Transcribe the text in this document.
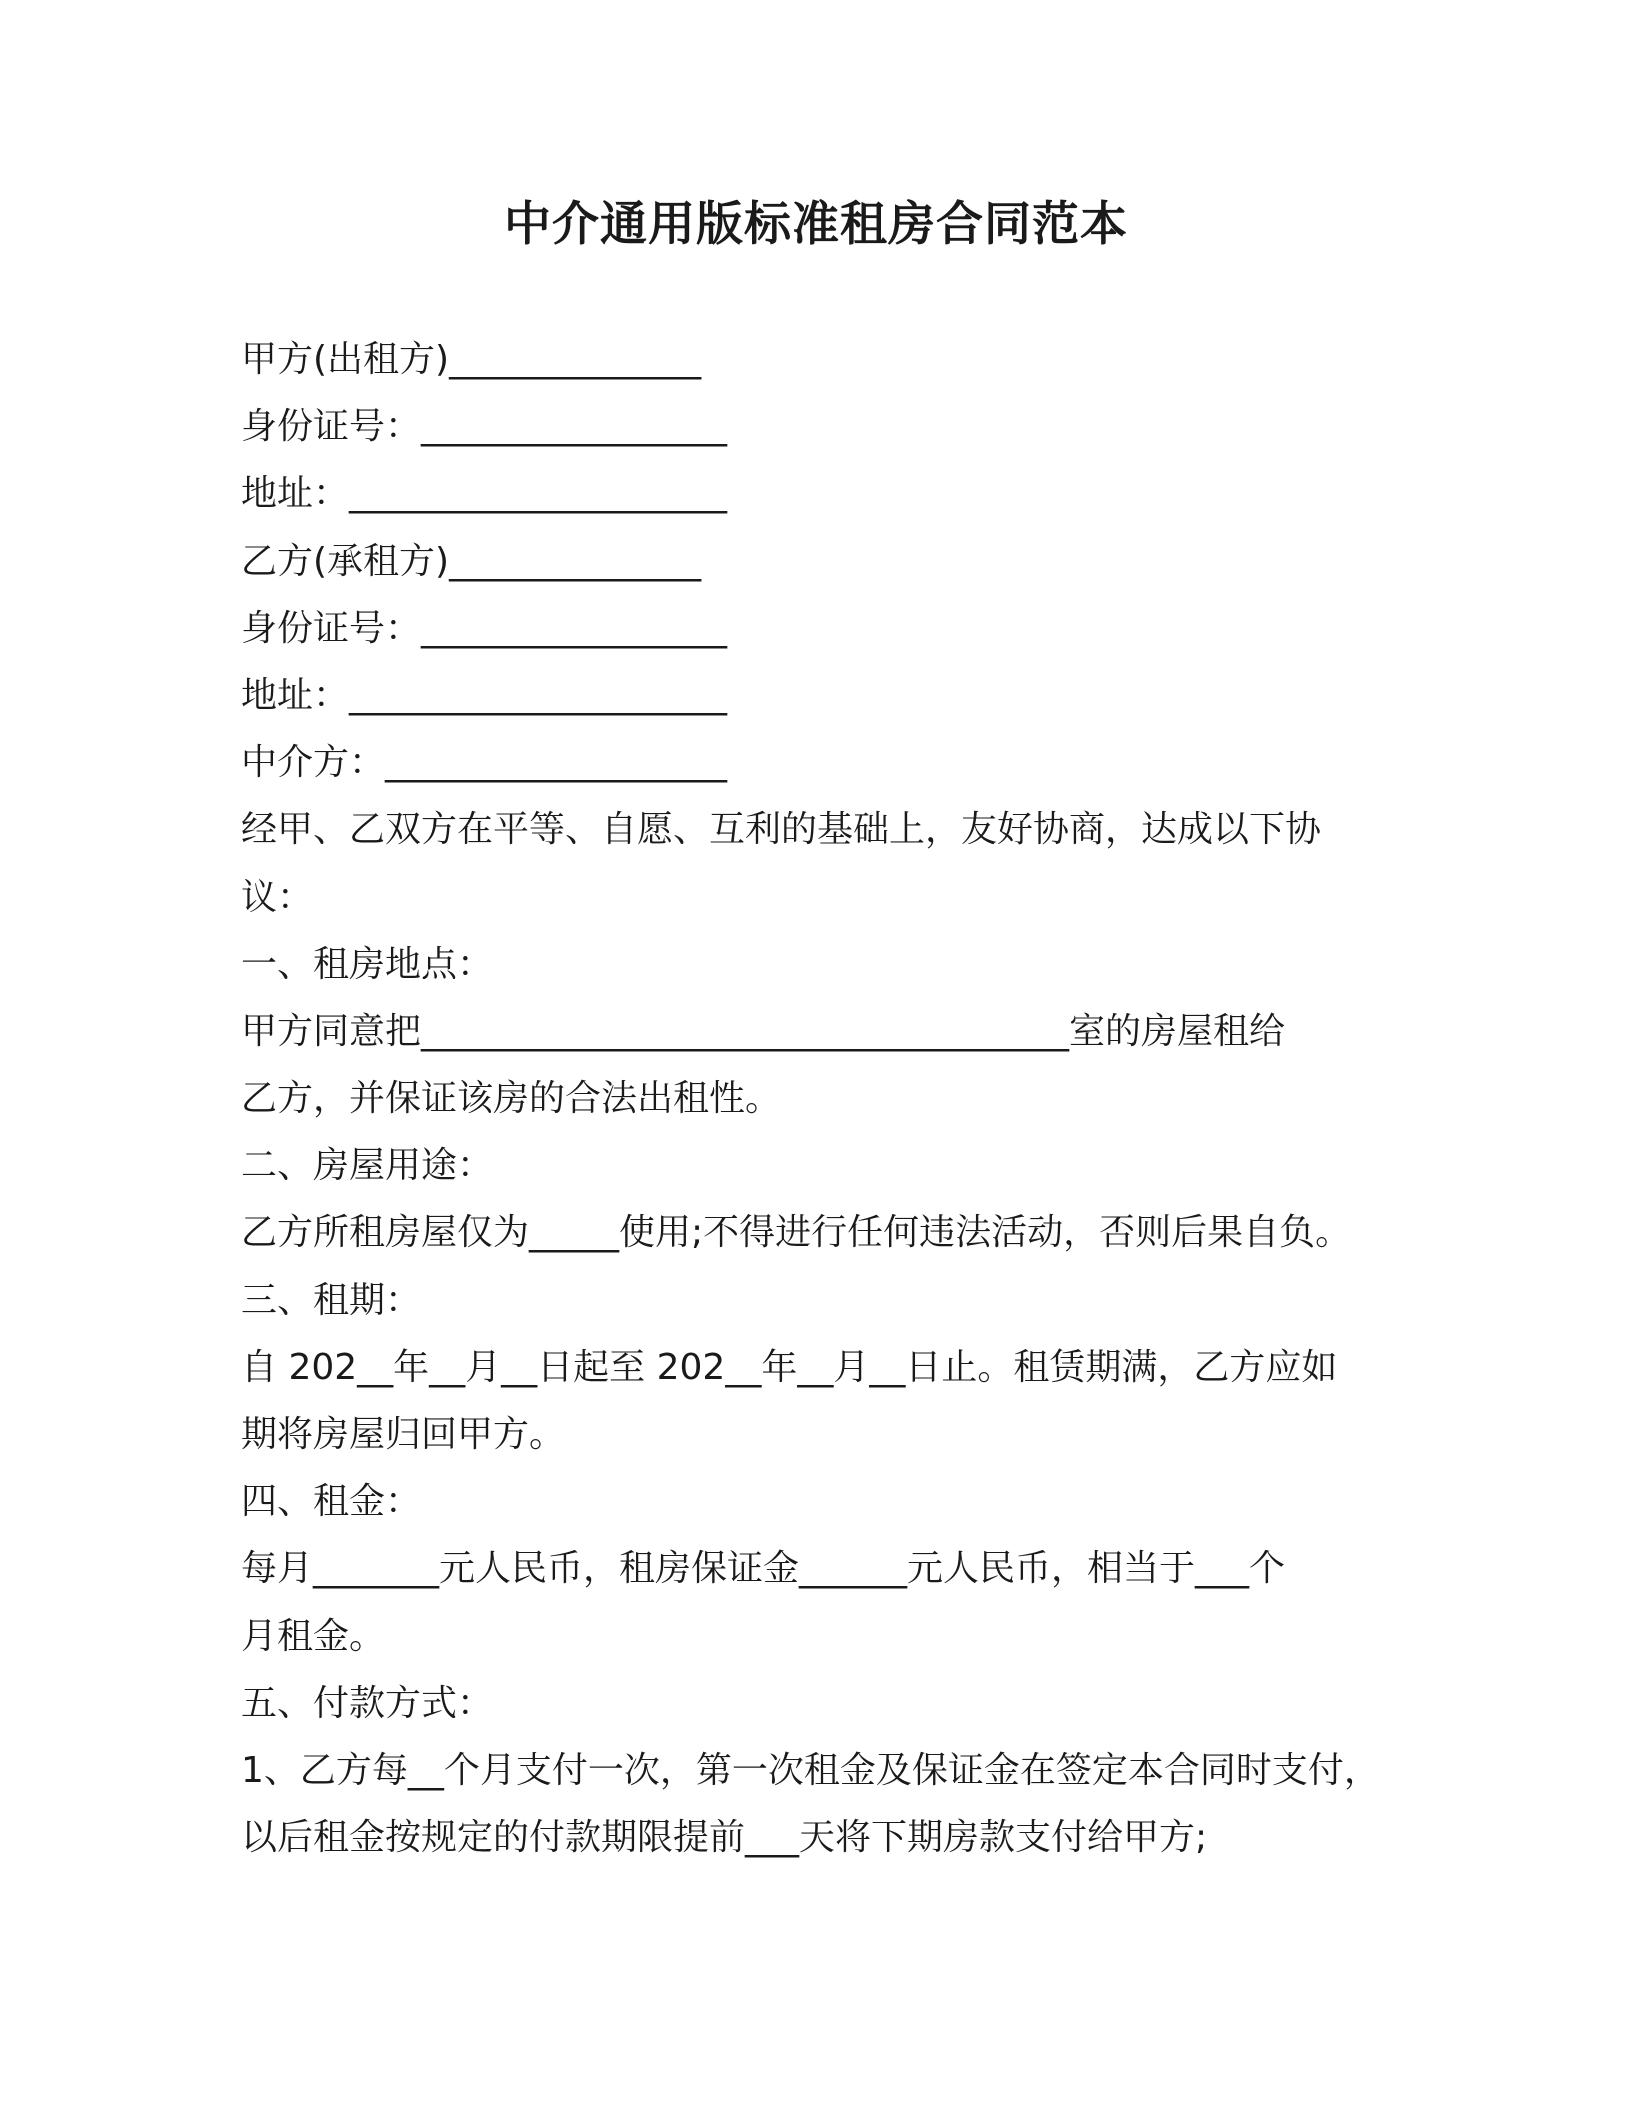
中介通用版标准租房合同范本

甲方(出租方)______________

身份证号：_________________

地址：_____________________

乙方(承租方)______________

身份证号：_________________

地址：_____________________

中介方：___________________

经甲、乙双方在平等、自愿、互利的基础上，友好协商，达成以下协

议：

一、租房地点：

甲方同意把____________________________________室的房屋租给

乙方，并保证该房的合法出租性。

二、房屋用途：

乙方所租房屋仅为_____使用;不得进行任何违法活动，否则后果自负。

三、租期：

自 202__年__月__日起至 202__年__月__日止。租赁期满，乙方应如

期将房屋归回甲方。

四、租金：

每月_______元人民币，租房保证金______元人民币，相当于___个

月租金。

五、付款方式：

1、乙方每__个月支付一次，第一次租金及保证金在签定本合同时支付，

以后租金按规定的付款期限提前___天将下期房款支付给甲方;
